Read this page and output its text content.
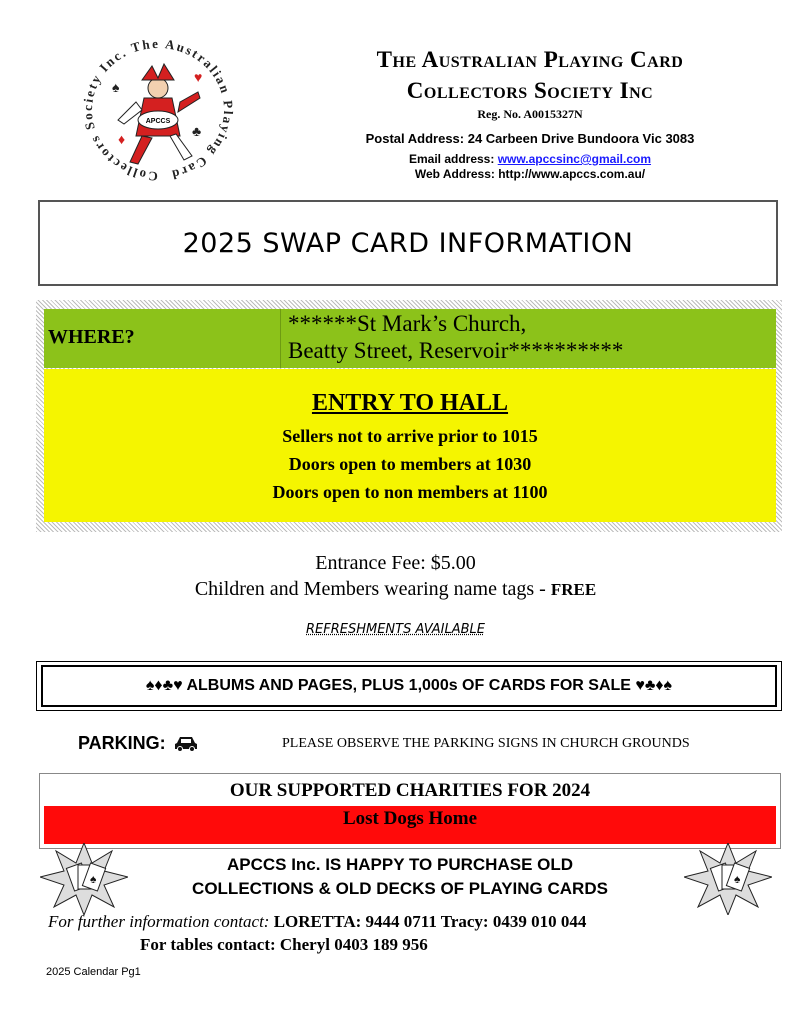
Collectors Society Inc. The Australian Playing Card
APCCS
♠
♥
♣
♦
The Australian Playing Card
Collectors Society Inc
Reg. No. A0015327N
Postal Address: 24 Carbeen Drive Bundoora Vic 3083
Email address: www.apccsinc@gmail.com
Web Address: http://www.apccs.com.au/
2025 SWAP CARD INFORMATION
WHERE?
******St Mark’s Church,
Beatty Street, Reservoir**********
ENTRY TO HALL
Sellers not to arrive prior to 1015
Doors open to members at 1030
Doors open to non members at 1100
Entrance Fee: $5.00
Children and Members wearing name tags - FREE
REFRESHMENTS AVAILABLE
♠♦♣♥ ALBUMS AND PAGES, PLUS 1,000s OF CARDS FOR SALE ♥♣♦♠
PARKING:	PLEASE OBSERVE THE PARKING SIGNS IN CHURCH GROUNDS
OUR SUPPORTED CHARITIES FOR 2024
Lost Dogs Home
♠	♠
APCCS Inc. IS HAPPY TO PURCHASE OLD
COLLECTIONS & OLD DECKS OF PLAYING CARDS
For further information contact: LORETTA: 9444 0711 Tracy: 0439 010 044
For tables contact: Cheryl 0403 189 956
2025 Calendar Pg1
